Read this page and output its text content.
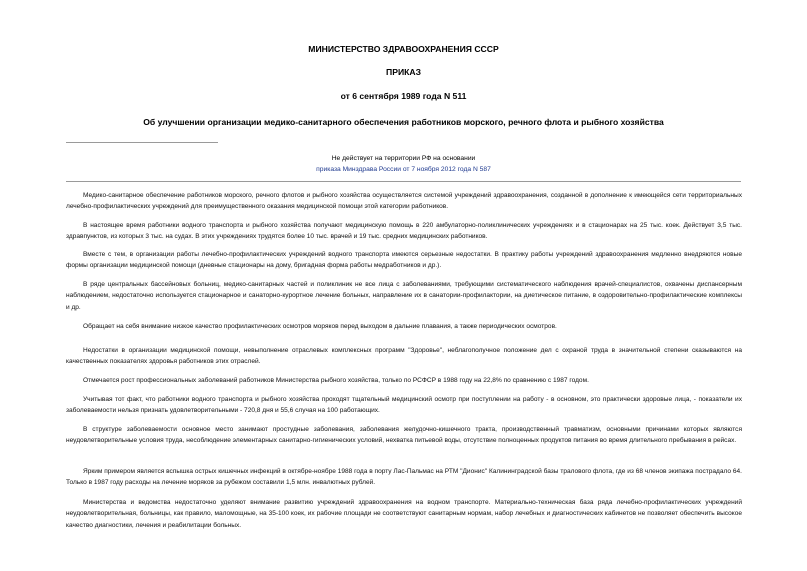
МИНИСТЕРСТВО ЗДРАВООХРАНЕНИЯ СССР
ПРИКАЗ
от 6 сентября 1989 года N 511
Об улучшении организации медико-санитарного обеспечения работников морского, речного флота и рыбного хозяйства
Не действует на территории РФ на основании
приказа Минздрава России от 7 ноября 2012 года N 587

Медико-санитарное обеспечение работников морского, речного флотов и рыбного хозяйства осуществляется системой учреждений здравоохранения, созданной в дополнение к имеющейся сети территориальных лечебно-профилактических учреждений для преимущественного оказания медицинской помощи этой категории работников.

В настоящее время работники водного транспорта и рыбного хозяйства получают медицинскую помощь в 220 амбулаторно-поликлинических учреждениях и в стационарах на 25 тыс. коек. Действует 3,5 тыс. здравпунктов, из которых 3 тыс. на судах. В этих учреждениях трудятся более 10 тыс. врачей и 19 тыс. средних медицинских работников.

Вместе с тем, в организации работы лечебно-профилактических учреждений водного транспорта имеются серьезные недостатки. В практику работы учреждений здравоохранения медленно внедряются новые формы организации медицинской помощи (дневные стационары на дому, бригадная форма работы медработников и др.).

В ряде центральных бассейновых больниц, медико-санитарных частей и поликлиник не все лица с заболеваниями, требующими систематического наблюдения врачей-специалистов, охвачены диспансерным наблюдением, недостаточно используется стационарное и санаторно-курортное лечение больных, направление их в санатории-профилактории, на диетическое питание, в оздоровительно-профилактические комплексы и др.

Обращает на себя внимание низкое качество профилактических осмотров моряков перед выходом в дальние плавания, а также периодических осмотров.

Недостатки в организации медицинской помощи, невыполнение отраслевых комплексных программ "Здоровье", неблагополучное положение дел с охраной труда в значительной степени сказываются на качественных показателях здоровья работников этих отраслей.

Отмечается рост профессиональных заболеваний работников Министерства рыбного хозяйства, только по РСФСР в 1988 году на 22,8% по сравнению с 1987 годом.

Учитывая тот факт, что работники водного транспорта и рыбного хозяйства проходят тщательный медицинский осмотр при поступлении на работу - в основном, это практически здоровые лица, - показатели их заболеваемости нельзя признать удовлетворительными - 720,8 дня и 55,6 случая на 100 работающих.

В структуре заболеваемости основное место занимают простудные заболевания, заболевания желудочно-кишечного тракта, производственный травматизм, основными причинами которых являются неудовлетворительные условия труда, несоблюдение элементарных санитарно-гигиенических условий, нехватка питьевой воды, отсутствие полноценных продуктов питания во время длительного пребывания в рейсах.

Ярким примером является вспышка острых кишечных инфекций в октябре-ноябре 1988 года в порту Лас-Пальмас на РТМ "Дионис" Калининградской базы тралового флота, где из 68 членов экипажа пострадало 64. Только в 1987 году расходы на лечение моряков за рубежом составили 1,5 млн. инвалютных рублей.

Министерства и ведомства недостаточно уделяют внимание развитию учреждений здравоохранения на водном транспорте. Материально-техническая база ряда лечебно-профилактических учреждений неудовлетворительная, больницы, как правило, маломощные, на 35-100 коек, их рабочие площади не соответствуют санитарным нормам, набор лечебных и диагностических кабинетов не позволяет обеспечить высокое качество диагностики, лечения и реабилитации больных.
